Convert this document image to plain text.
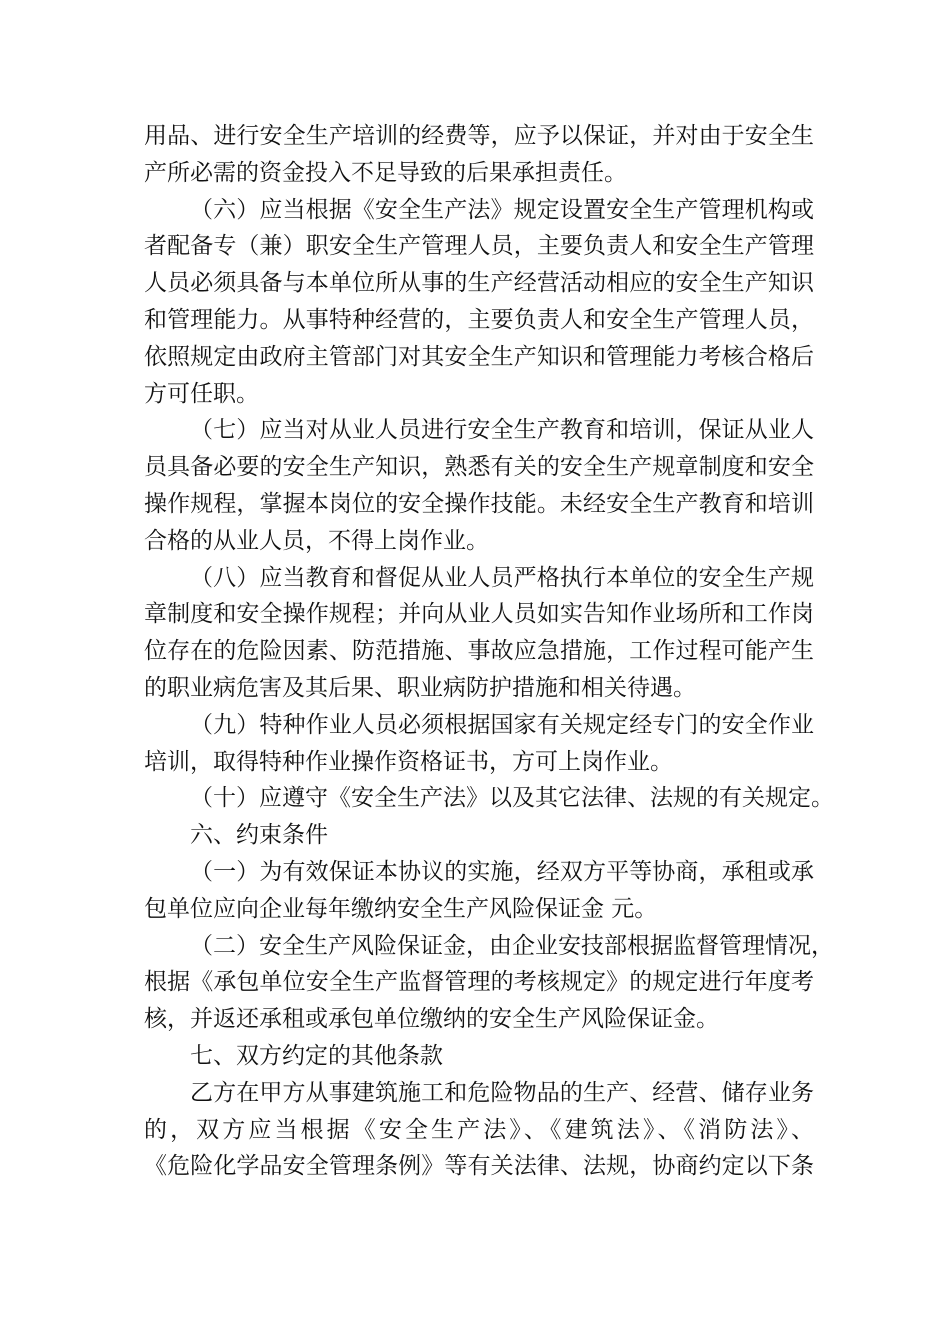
用品、进行安全生产培训的经费等，应予以保证，并对由于安全生
产所必需的资金投入不足导致的后果承担责任。
（六）应当根据《安全生产法》规定设置安全生产管理机构或
者配备专（兼）职安全生产管理人员，主要负责人和安全生产管理
人员必须具备与本单位所从事的生产经营活动相应的安全生产知识
和管理能力。从事特种经营的，主要负责人和安全生产管理人员，
依照规定由政府主管部门对其安全生产知识和管理能力考核合格后
方可任职。
（七）应当对从业人员进行安全生产教育和培训，保证从业人
员具备必要的安全生产知识，熟悉有关的安全生产规章制度和安全
操作规程，掌握本岗位的安全操作技能。未经安全生产教育和培训
合格的从业人员，不得上岗作业。
（八）应当教育和督促从业人员严格执行本单位的安全生产规
章制度和安全操作规程；并向从业人员如实告知作业场所和工作岗
位存在的危险因素、防范措施、事故应急措施，工作过程可能产生
的职业病危害及其后果、职业病防护措施和相关待遇。
（九）特种作业人员必须根据国家有关规定经专门的安全作业
培训，取得特种作业操作资格证书，方可上岗作业。
（十）应遵守《安全生产法》以及其它法律、法规的有关规定。
六、约束条件
（一）为有效保证本协议的实施，经双方平等协商，承租或承
包单位应向企业每年缴纳安全生产风险保证金 元。
（二）安全生产风险保证金，由企业安技部根据监督管理情况，
根据《承包单位安全生产监督管理的考核规定》的规定进行年度考
核，并返还承租或承包单位缴纳的安全生产风险保证金。
七、双方约定的其他条款
乙方在甲方从事建筑施工和危险物品的生产、经营、储存业务
的，双方应当根据《安全生产法》、《建筑法》、《消防法》、
《危险化学品安全管理条例》等有关法律、法规，协商约定以下条
